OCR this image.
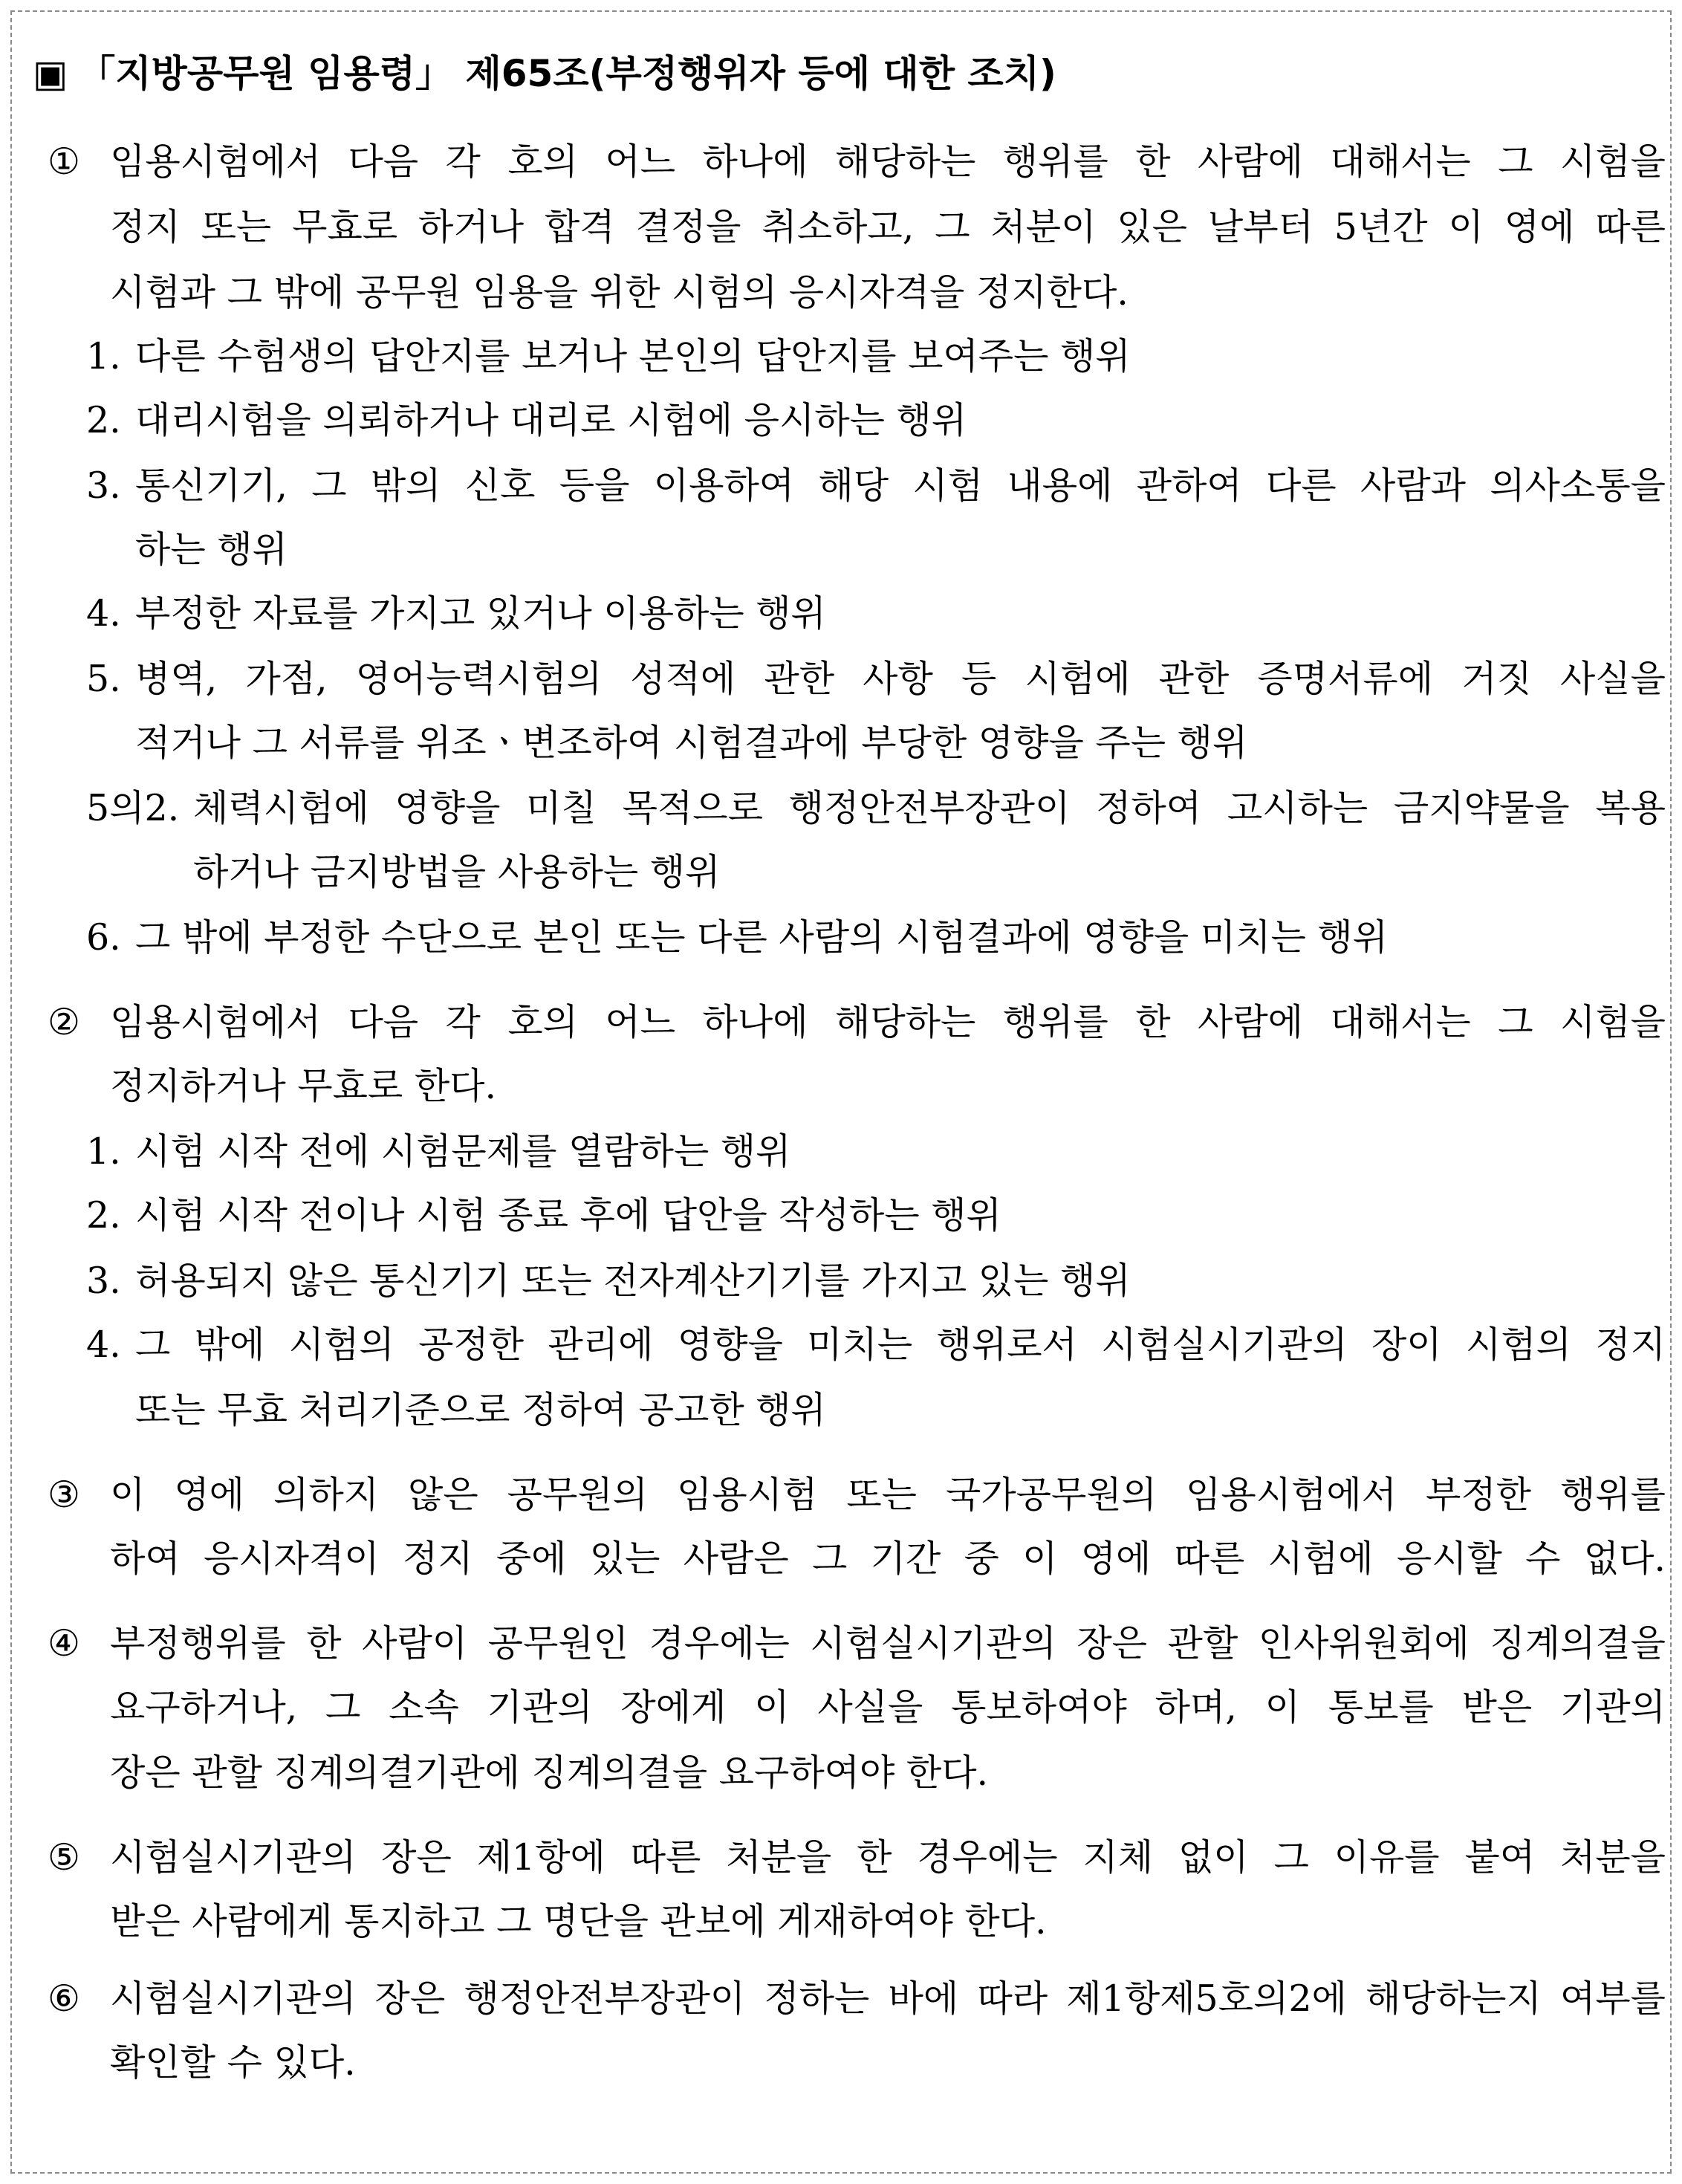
▣ 「지방공무원 임용령」 제65조(부정행위자 등에 대한 조치)
① 임용시험에서 다음 각 호의 어느 하나에 해당하는 행위를 한 사람에 대해서는 그 시험을
정지 또는 무효로 하거나 합격 결정을 취소하고, 그 처분이 있은 날부터 5년간 이 영에 따른
시험과 그 밖에 공무원 임용을 위한 시험의 응시자격을 정지한다.
1. 다른 수험생의 답안지를 보거나 본인의 답안지를 보여주는 행위
2. 대리시험을 의뢰하거나 대리로 시험에 응시하는 행위
3. 통신기기, 그 밖의 신호 등을 이용하여 해당 시험 내용에 관하여 다른 사람과 의사소통을
하는 행위
4. 부정한 자료를 가지고 있거나 이용하는 행위
5. 병역, 가점, 영어능력시험의 성적에 관한 사항 등 시험에 관한 증명서류에 거짓 사실을
적거나 그 서류를 위조ㆍ변조하여 시험결과에 부당한 영향을 주는 행위
5의2. 체력시험에 영향을 미칠 목적으로 행정안전부장관이 정하여 고시하는 금지약물을 복용
하거나 금지방법을 사용하는 행위
6. 그 밖에 부정한 수단으로 본인 또는 다른 사람의 시험결과에 영향을 미치는 행위
② 임용시험에서 다음 각 호의 어느 하나에 해당하는 행위를 한 사람에 대해서는 그 시험을
정지하거나 무효로 한다.
1. 시험 시작 전에 시험문제를 열람하는 행위
2. 시험 시작 전이나 시험 종료 후에 답안을 작성하는 행위
3. 허용되지 않은 통신기기 또는 전자계산기기를 가지고 있는 행위
4. 그 밖에 시험의 공정한 관리에 영향을 미치는 행위로서 시험실시기관의 장이 시험의 정지
또는 무효 처리기준으로 정하여 공고한 행위
③ 이 영에 의하지 않은 공무원의 임용시험 또는 국가공무원의 임용시험에서 부정한 행위를
하여 응시자격이 정지 중에 있는 사람은 그 기간 중 이 영에 따른 시험에 응시할 수 없다.
④ 부정행위를 한 사람이 공무원인 경우에는 시험실시기관의 장은 관할 인사위원회에 징계의결을
요구하거나, 그 소속 기관의 장에게 이 사실을 통보하여야 하며, 이 통보를 받은 기관의
장은 관할 징계의결기관에 징계의결을 요구하여야 한다.
⑤ 시험실시기관의 장은 제1항에 따른 처분을 한 경우에는 지체 없이 그 이유를 붙여 처분을
받은 사람에게 통지하고 그 명단을 관보에 게재하여야 한다.
⑥ 시험실시기관의 장은 행정안전부장관이 정하는 바에 따라 제1항제5호의2에 해당하는지 여부를
확인할 수 있다.
